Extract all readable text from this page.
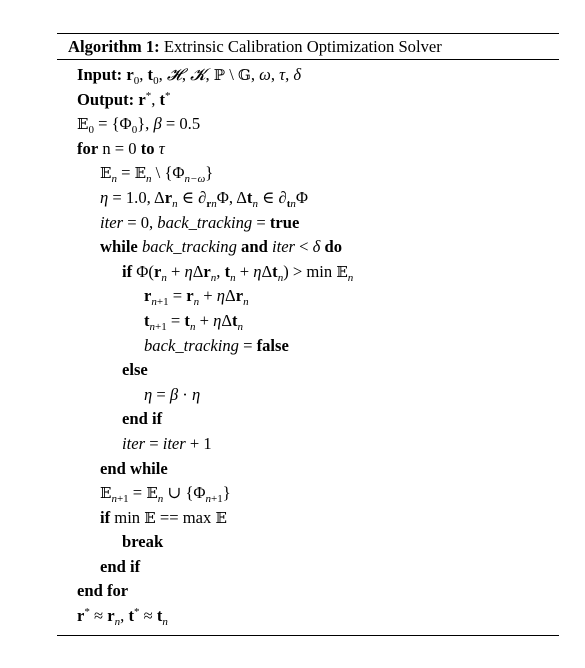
Algorithm 1: Extrinsic Calibration Optimization Solver
Input: $r_0$, $t_0$, 𝓗, 𝓚, ℙ \ 𝔾, ω, τ, δ
Output: r*, t*
𝔼$_0$ = $\{\Phi_0\}$, β = 0.5
for n = 0 to τ
𝔼$_n$ = 𝔼$_n$ \ $\{\Phi_{n-\omega}\}$
η = 1.0, $\Delta r_n$ ∈ $\partial_{rn}\Phi$, $\Delta t_n$ ∈ $\partial_{tn}\Phi$
iter = 0, back_tracking = true
while back_tracking and iter < δ do
if $\Phi(r_n + \eta\Delta r_n$, $t_n + \eta\Delta t_n) > \min$ 𝔼$_n$
$r_{n+1} = r_n + \eta\Delta r_n$
$t_{n+1} = t_n + \eta\Delta t_n$
back_tracking = false
else
η = β · η
end if
iter = iter + 1
end while
𝔼$_{n+1}$ = 𝔼$_n$ ∪ $\{\Phi_{n+1}\}$
if min 𝔼 == max 𝔼
break
end if
end for
$r^* \approx r_n$, $t^* \approx t_n$
